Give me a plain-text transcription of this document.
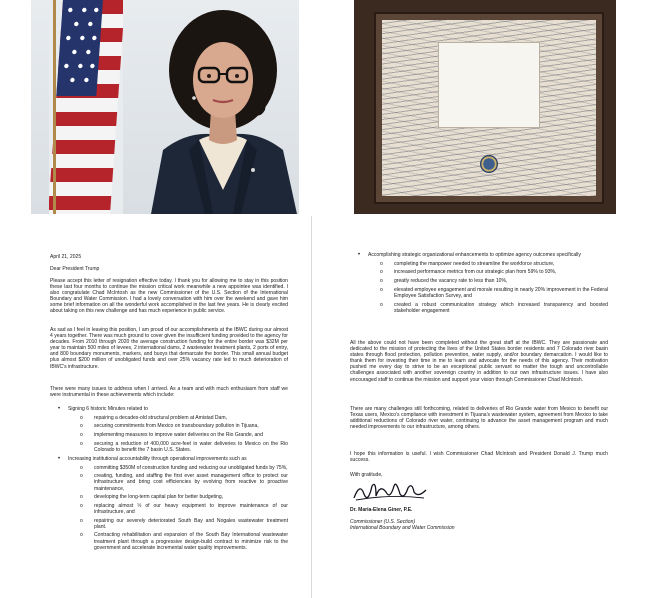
April 21, 2025

Dear President Trump

Please accept this letter of resignation effective today. I thank you for allowing me to stay in this position these last four months to continue the mission critical work meanwhile a new appointee was identified. I also congratulate Chad McIntosh as the new Commissioner of the U.S. Section of the International Boundary and Water Commission. I had a lovely conversation with him over the weekend and gave him some brief information on all the wonderful work accomplished in the last few years. He is clearly excited about taking on this new challenge and has much experience in public service.

As sad as I feel in leaving this position, I am proud of our accomplishments at the IBWC during our almost 4 years together. There was much ground to cover given the insufficient funding provided to the agency for decades. From 2010 through 2020 the average construction funding for the entire border was $32M per year to maintain 500 miles of levees, 2 international dams, 2 wastewater treatment plants, 2 ports of entry, and 800 boundary monuments, markers, and buoys that demarcate the border. This small annual budget plus almost $200 million of unobligated funds and over 25% vacancy rate led to much deterioration of IBWC's infrastructure.

There were many issues to address when I arrived. As a team and with much enthusiasm from staff we were instrumental in these achievements which include:

• Signing 6 historic Minutes related to
o repairing a decades-old structural problem at Amistad Dam,
o securing commitments from Mexico on transboundary pollution in Tijuana,
o implementing measures to improve water deliveries on the Rio Grande, and
o securing a reduction of 400,000 acre-feet in water deliveries to Mexico on the Rio Colorado to benefit the 7 basin U.S. States.
• Increasing institutional accountability through operational improvements such as
o committing $350M of construction funding and reducing our unobligated funds by 75%,
o creating, funding, and staffing the first ever asset management office to protect our infrastructure and bring cost efficiencies by evolving from reactive to proactive maintenance,
o developing the long-term capital plan for better budgeting,
o replacing almost ½ of our heavy equipment to improve maintenance of our infrastructure, and
o repairing our severely deteriorated South Bay and Nogales wastewater treatment plant.
o Contracting rehabilitation and expansion of the South Bay International wastewater treatment plant through a progressive design-build contract to minimize risk to the government and accelerate incremental water quality improvements.
• Accomplishing strategic organizational enhancements to optimize agency outcomes specifically
o completing the manpower needed to streamline the workforce structure,
o increased performance metrics from our strategic plan from 59% to 93%,
o greatly reduced the vacancy rate to less than 10%,
o elevated employee engagement and morale resulting in nearly 20% improvement in the Federal Employee Satisfaction Survey, and
o created a robust communication strategy which increased transparency and boosted stakeholder engagement

All the above could not have been completed without the great staff at the IBWC. They are passionate and dedicated to the mission of protecting the lives of the United States border residents and 7 Colorado river basin states through flood protection, pollution prevention, water supply, and/or boundary demarcation. I would like to thank them for investing their time in me to learn and advocate for the needs of this agency. Their motivation pushed me every day to strive to be an exceptional public servant no matter the tough and uncontrollable challenges associated with another sovereign country in addition to our own infrastructure issues. I have also encouraged staff to continue the mission and support your vision through Commissioner Chad McIntosh.

There are many challenges still forthcoming, related to deliveries of Rio Grande water from Mexico to benefit our Texas users, Mexico's compliance with investment in Tijuana's wastewater system, agreement from Mexico to take additional reductions of Colorado river water, continuing to advance the asset management program and much needed improvements to our infrastructure, among others.

I hope this information is useful. I wish Commissioner Chad McIntosh and President Donald J. Trump much success.

With gratitude,

Dr. Maria-Elena Giner, P.E.

Commissioner (U.S. Section)

International Boundary and Water Commission
